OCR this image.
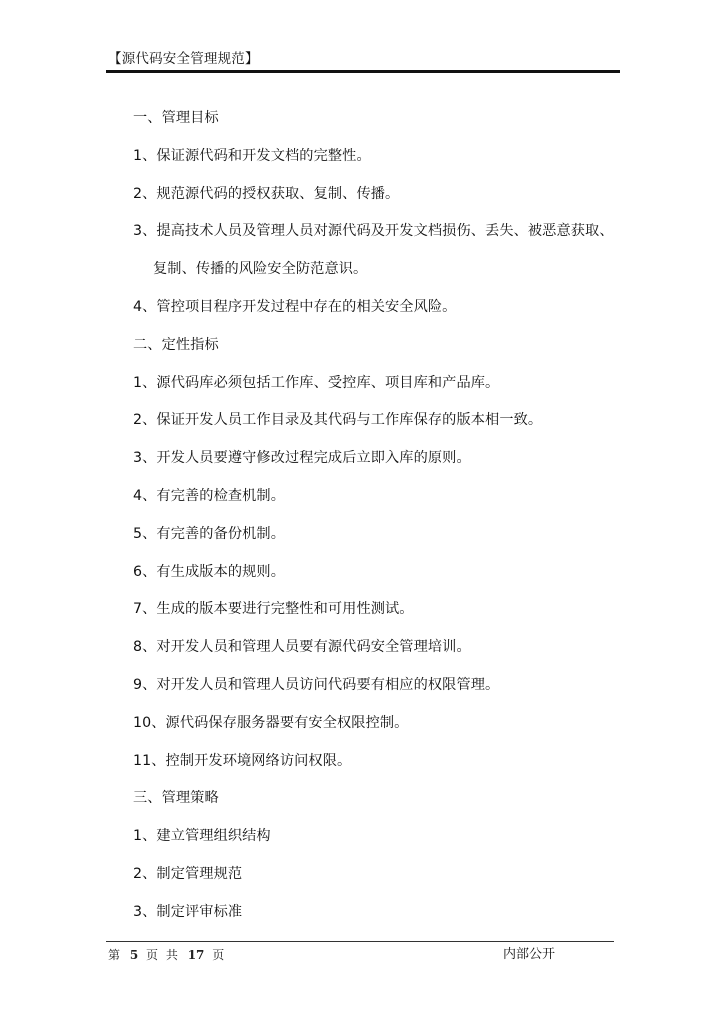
【源代码安全管理规范】
一、管理目标
1、保证源代码和开发文档的完整性。
2、规范源代码的授权获取、复制、传播。
3、提高技术人员及管理人员对源代码及开发文档损伤、丢失、被恶意获取、
复制、传播的风险安全防范意识。
4、管控项目程序开发过程中存在的相关安全风险。
二、定性指标
1、源代码库必须包括工作库、受控库、项目库和产品库。
2、保证开发人员工作目录及其代码与工作库保存的版本相一致。
3、开发人员要遵守修改过程完成后立即入库的原则。
4、有完善的检查机制。
5、有完善的备份机制。
6、有生成版本的规则。
7、生成的版本要进行完整性和可用性测试。
8、对开发人员和管理人员要有源代码安全管理培训。
9、对开发人员和管理人员访问代码要有相应的权限管理。
10、源代码保存服务器要有安全权限控制。
11、控制开发环境网络访问权限。
三、管理策略
1、建立管理组织结构
2、制定管理规范
3、制定评审标准
第 5 页 共 17 页	内部公开
